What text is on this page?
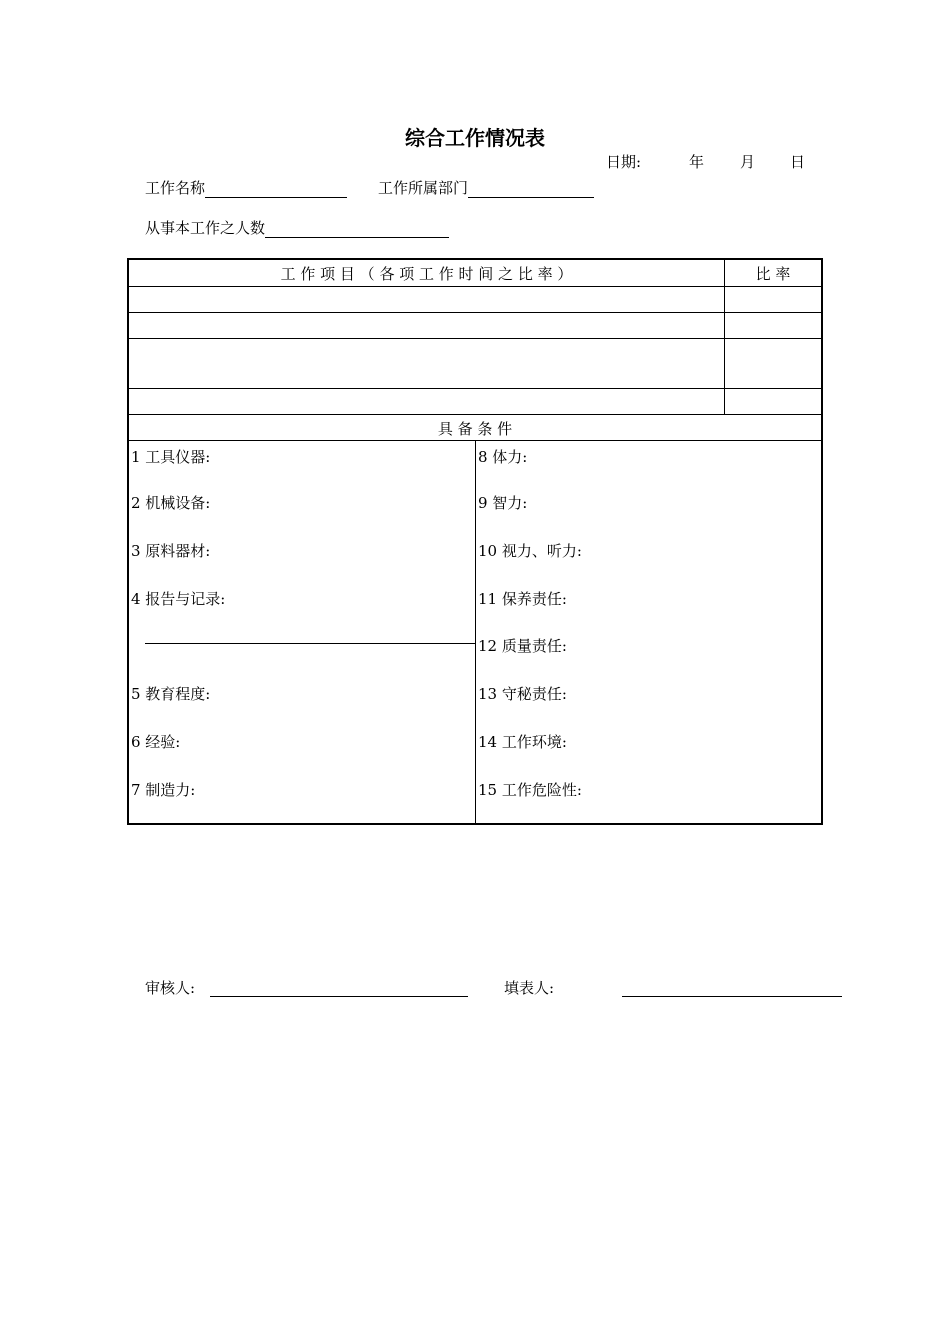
综合工作情况表
日期:	年 月 日
工作名称	工作所属部门
从事本工作之人数
工 作 项 目 （ 各 项 工 作 时 间 之 比 率 ）	比 率
具 备 条 件
1 工具仪器:
2 机械设备:
3 原料器材:
4 报告与记录:
5 教育程度:
6 经验:
7 制造力:
8 体力:
9 智力:
10 视力、听力:
11 保养责任:
12 质量责任:
13 守秘责任:
14 工作环境:
15 工作危险性:
审核人:	填表人:
